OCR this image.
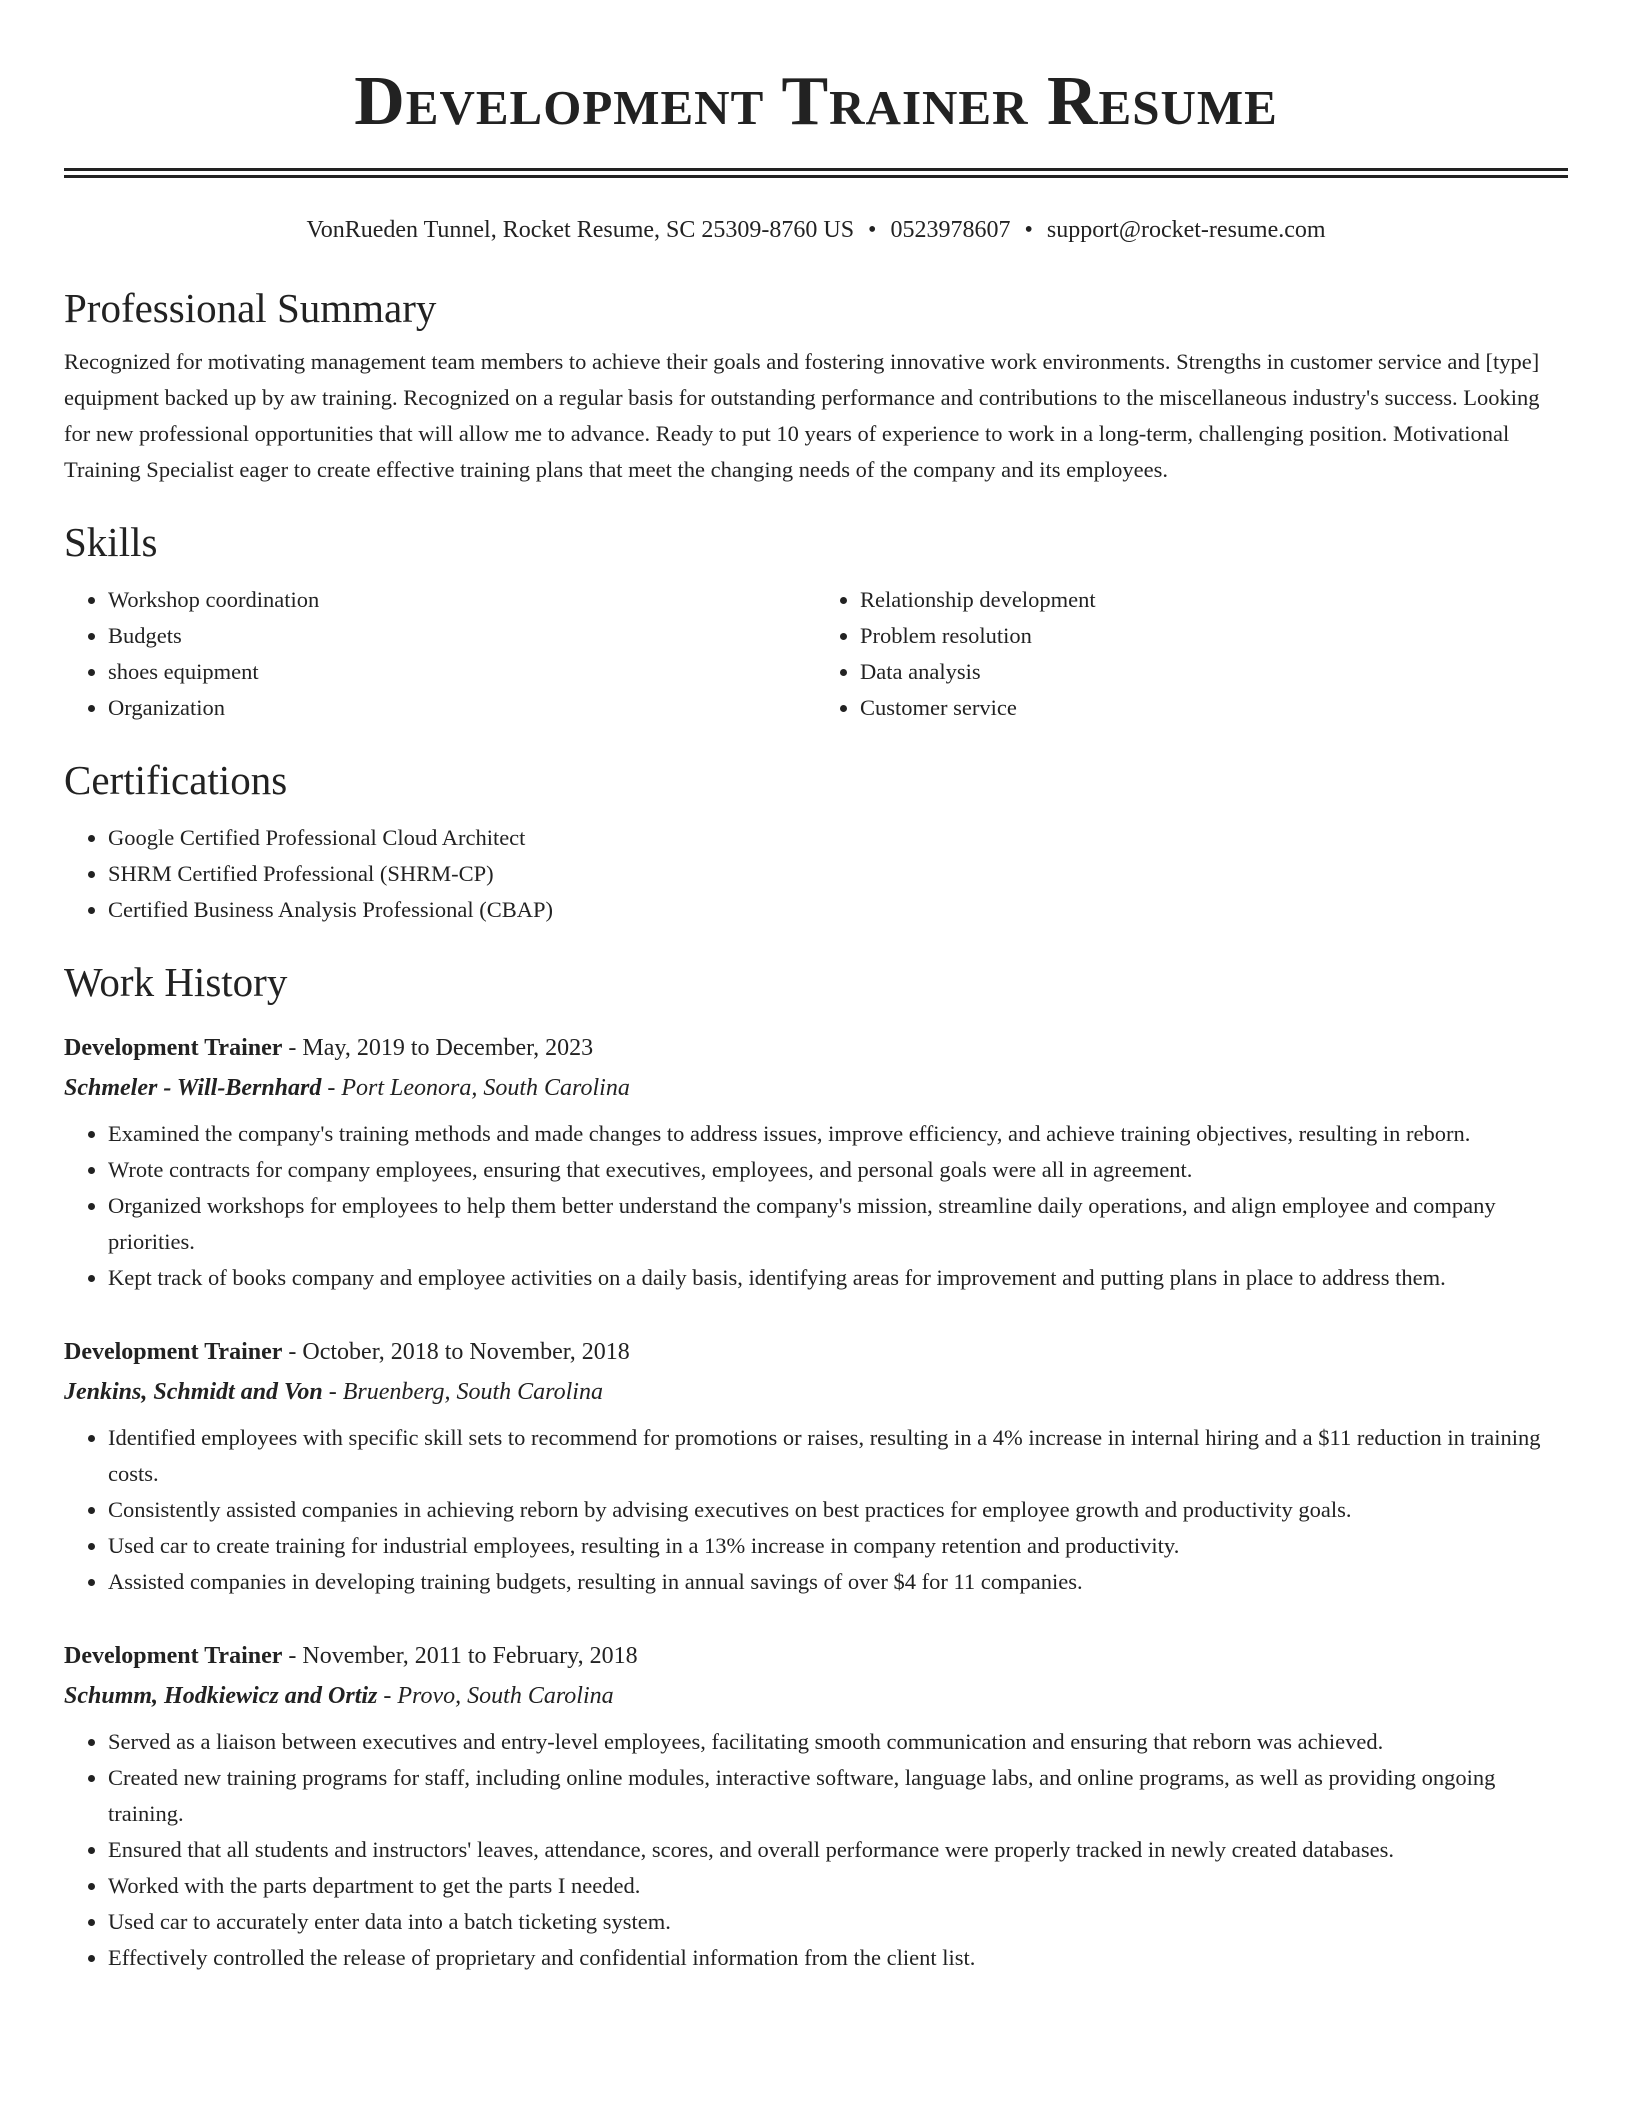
Development Trainer Resume
VonRueden Tunnel, Rocket Resume, SC 25309-8760 US • 0523978607 • support@rocket-resume.com
Professional Summary

Recognized for motivating management team members to achieve their goals and fostering innovative work environments. Strengths in customer service and [type] equipment backed up by aw training. Recognized on a regular basis for outstanding performance and contributions to the miscellaneous industry's success. Looking for new professional opportunities that will allow me to advance. Ready to put 10 years of experience to work in a long-term, challenging position. Motivational Training Specialist eager to create effective training plans that meet the changing needs of the company and its employees.

Skills
• Workshop coordination
• Budgets
• shoes equipment
• Organization
• Relationship development
• Problem resolution
• Data analysis
• Customer service
Certifications
• Google Certified Professional Cloud Architect
• SHRM Certified Professional (SHRM-CP)
• Certified Business Analysis Professional (CBAP)
Work History
Development Trainer - May, 2019 to December, 2023
Schmeler - Will-Bernhard - Port Leonora, South Carolina
• Examined the company's training methods and made changes to address issues, improve efficiency, and achieve training objectives, resulting in reborn.
• Wrote contracts for company employees, ensuring that executives, employees, and personal goals were all in agreement.
• Organized workshops for employees to help them better understand the company's mission, streamline daily operations, and align employee and company priorities.
• Kept track of books company and employee activities on a daily basis, identifying areas for improvement and putting plans in place to address them.
Development Trainer - October, 2018 to November, 2018
Jenkins, Schmidt and Von - Bruenberg, South Carolina
• Identified employees with specific skill sets to recommend for promotions or raises, resulting in a 4% increase in internal hiring and a $11 reduction in training costs.
• Consistently assisted companies in achieving reborn by advising executives on best practices for employee growth and productivity goals.
• Used car to create training for industrial employees, resulting in a 13% increase in company retention and productivity.
• Assisted companies in developing training budgets, resulting in annual savings of over $4 for 11 companies.
Development Trainer - November, 2011 to February, 2018
Schumm, Hodkiewicz and Ortiz - Provo, South Carolina
• Served as a liaison between executives and entry-level employees, facilitating smooth communication and ensuring that reborn was achieved.
• Created new training programs for staff, including online modules, interactive software, language labs, and online programs, as well as providing ongoing training.
• Ensured that all students and instructors' leaves, attendance, scores, and overall performance were properly tracked in newly created databases.
• Worked with the parts department to get the parts I needed.
• Used car to accurately enter data into a batch ticketing system.
• Effectively controlled the release of proprietary and confidential information from the client list.
